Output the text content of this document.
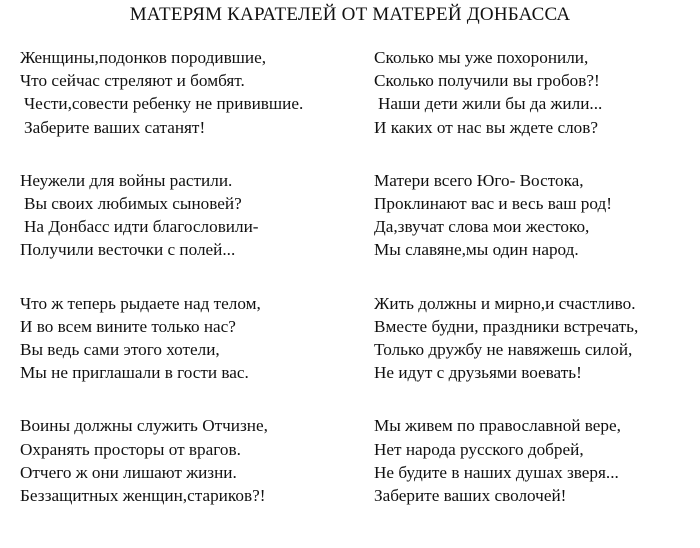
МАТЕРЯМ КАРАТЕЛЕЙ ОТ МАТЕРЕЙ ДОНБАССА
Женщины,подонков породившие,
Что сейчас стреляют и бомбят.
Чести,совести ребенку не привившие.
Заберите ваших сатанят!
Неужели для войны растили.
Вы своих любимых сыновей?
На Донбасс идти благословили-
Получили весточки с полей...
Что ж теперь рыдаете над телом,
И во всем вините только нас?
Вы ведь сами этого хотели,
Мы не приглашали в гости вас.
Воины должны служить Отчизне,
Охранять просторы от врагов.
Отчего ж они лишают жизни.
Беззащитных женщин,стариков?!
Сколько мы уже похоронили,
Сколько получили вы гробов?!
Наши дети жили бы да жили...
И каких от нас вы ждете слов?
Матери всего Юго- Востока,
Проклинают вас и весь ваш род!
Да,звучат слова мои жестоко,
Мы славяне,мы один народ.
Жить должны и мирно,и счастливо.
Вместе будни, праздники встречать,
Только дружбу не навяжешь силой,
Не идут с друзьями воевать!
Мы живем по православной вере,
Нет народа русского добрей,
Не будите в наших душах зверя...
Заберите ваших сволочей!
